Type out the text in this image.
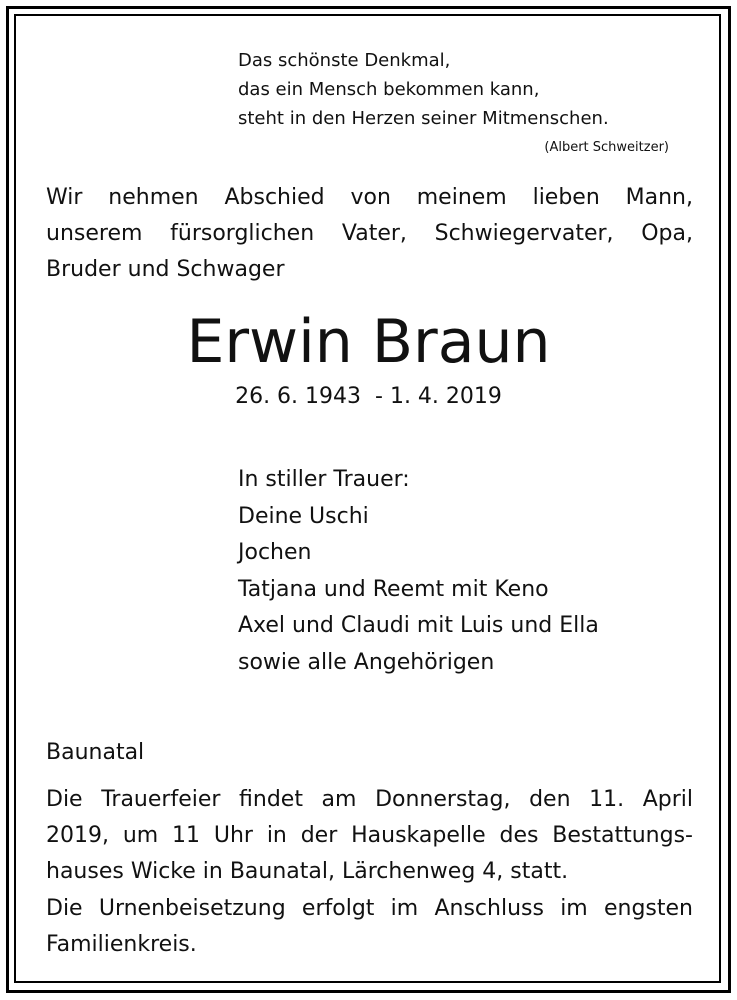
Das schönste Denkmal,
das ein Mensch bekommen kann,
steht in den Herzen seiner Mitmenschen.
(Albert Schweitzer)
Wir nehmen Abschied von meinem lieben Mann,
unserem fürsorglichen Vater, Schwiegervater, Opa,
Bruder und Schwager
Erwin Braun
26. 6. 1943  - 1. 4. 2019
In stiller Trauer:
Deine Uschi
Jochen
Tatjana und Reemt mit Keno
Axel und Claudi mit Luis und Ella
sowie alle Angehörigen
Baunatal
Die Trauerfeier findet am Donnerstag, den 11. April
2019, um 11 Uhr in der Hauskapelle des Bestattungs-
hauses Wicke in Baunatal, Lärchenweg 4, statt.
Die Urnenbeisetzung erfolgt im Anschluss im engsten
Familienkreis.
